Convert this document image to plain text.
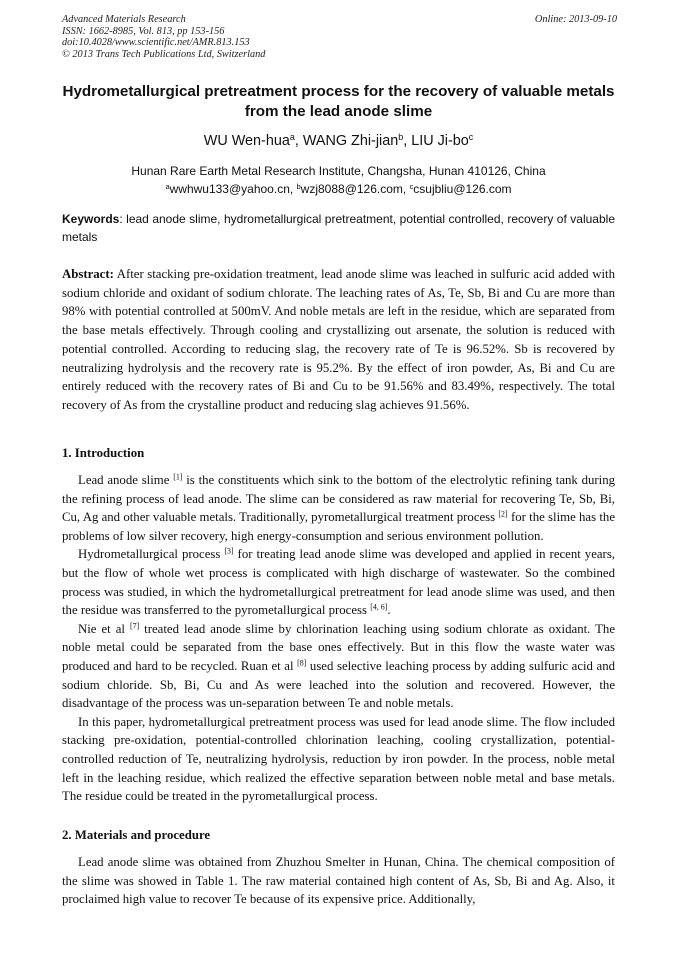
Advanced Materials Research
ISSN: 1662-8985, Vol. 813, pp 153-156
doi:10.4028/www.scientific.net/AMR.813.153
© 2013 Trans Tech Publications Ltd, Switzerland
Online: 2013-09-10
Hydrometallurgical pretreatment process for the recovery of valuable metals from the lead anode slime
WU Wen-hua$^a$, WANG Zhi-jian$^b$, LIU $Ji-bo^c$
Hunan Rare Earth Metal Research Institute, Changsha, Hunan 410126, China
$^a$wwhwu133@yahoo.cn, $^b$wzj8088@126.com, $^c$csujbliu@126.com
Keywords: lead anode slime, hydrometallurgical pretreatment, potential controlled, recovery of valuable metals
Abstract: After stacking pre-oxidation treatment, lead anode slime was leached in sulfuric acid added with sodium chloride and oxidant of sodium chlorate. The leaching rates of As, Te, Sb, Bi and Cu are more than 98% with potential controlled at 500mV. And noble metals are left in the residue, which are separated from the base metals effectively. Through cooling and crystallizing out arsenate, the solution is reduced with potential controlled. According to reducing slag, the recovery rate of Te is 96.52%. Sb is recovered by neutralizing hydrolysis and the recovery rate is 95.2%. By the effect of iron powder, As, Bi and Cu are entirely reduced with the recovery rates of Bi and Cu to be 91.56% and 83.49%, respectively. The total recovery of As from the crystalline product and reducing slag achieves 91.56%.
1. Introduction

Lead anode slime [1] is the constituents which sink to the bottom of the electrolytic refining tank during the refining process of lead anode. The slime can be considered as raw material for recovering Te, Sb, Bi, Cu, Ag and other valuable metals. Traditionally, pyrometallurgical treatment process [2] for the slime has the problems of low silver recovery, high energy-consumption and serious environment pollution.

Hydrometallurgical process [3] for treating lead anode slime was developed and applied in recent years, but the flow of whole wet process is complicated with high discharge of wastewater. So the combined process was studied, in which the hydrometallurgical pretreatment for lead anode slime was used, and then the residue was transferred to the pyrometallurgical process [4, 6].

Nie et al [7] treated lead anode slime by chlorination leaching using sodium chlorate as oxidant. The noble metal could be separated from the base ones effectively. But in this flow the waste water was produced and hard to be recycled. Ruan et al [8] used selective leaching process by adding sulfuric acid and sodium chloride. Sb, Bi, Cu and As were leached into the solution and recovered. However, the disadvantage of the process was un-separation between Te and noble metals.

In this paper, hydrometallurgical pretreatment process was used for lead anode slime. The flow included stacking pre-oxidation, potential-controlled chlorination leaching, cooling crystallization, potential-controlled reduction of Te, neutralizing hydrolysis, reduction by iron powder. In the process, noble metal left in the leaching residue, which realized the effective separation between noble metal and base metals. The residue could be treated in the pyrometallurgical process.

2. Materials and procedure

Lead anode slime was obtained from Zhuzhou Smelter in Hunan, China. The chemical composition of the slime was showed in Table 1. The raw material contained high content of As, Sb, Bi and Ag. Also, it proclaimed high value to recover Te because of its expensive price. Additionally,
